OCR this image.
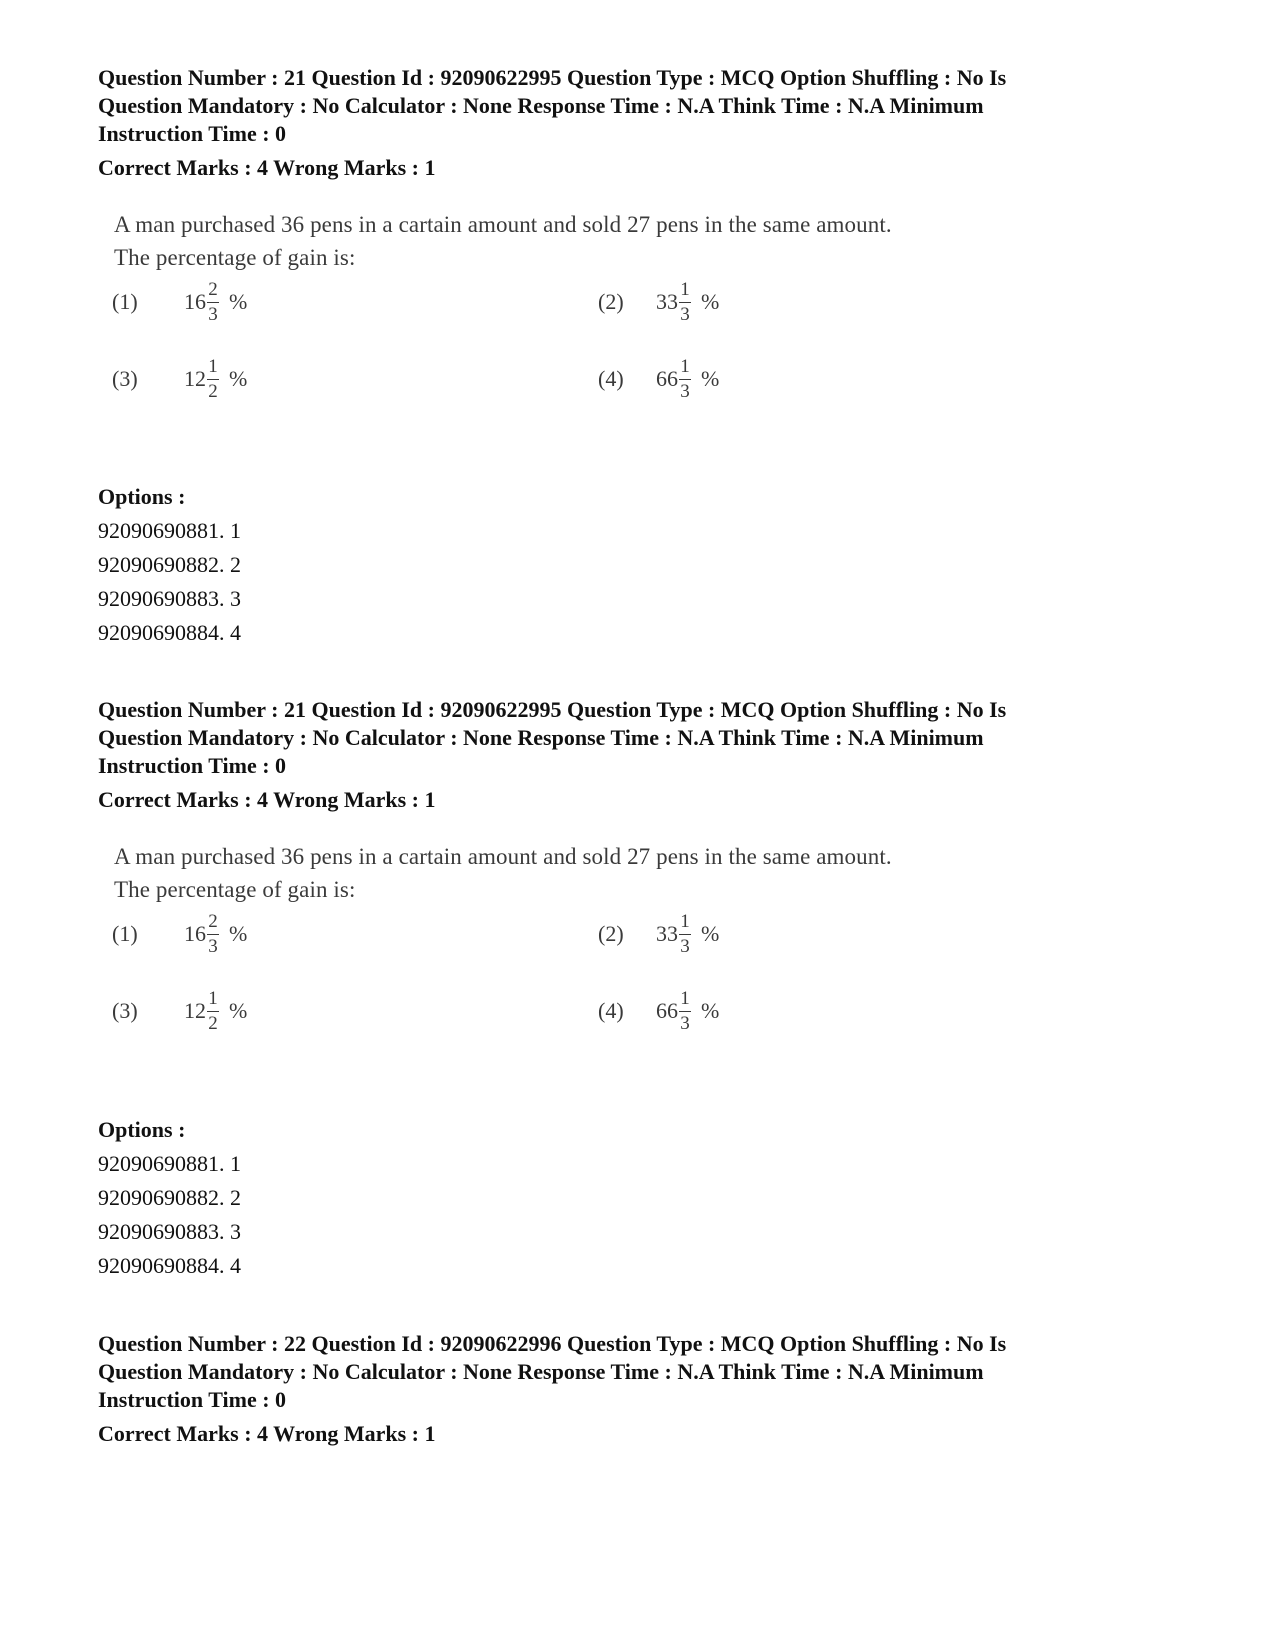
Question Number : 21 Question Id : 92090622995 Question Type : MCQ Option Shuffling : No Is

Question Mandatory : No Calculator : None Response Time : N.A Think Time : N.A Minimum

Instruction Time : 0

Correct Marks : 4 Wrong Marks : 1

A man purchased 36 pens in a cartain amount and sold 27 pens in the same amount.
The percentage of gain is:
(1)	$16 \frac{2}{3}$ %	(2)	$33 \frac{1}{3}$ %
(3)	$12 \frac{1}{2}$ %	(4)	$66 \frac{1}{3}$ %
Options :
92090690881. 1
92090690882. 2
92090690883. 3
92090690884. 4

Question Number : 21 Question Id : 92090622995 Question Type : MCQ Option Shuffling : No Is

Question Mandatory : No Calculator : None Response Time : N.A Think Time : N.A Minimum

Instruction Time : 0

Correct Marks : 4 Wrong Marks : 1

A man purchased 36 pens in a cartain amount and sold 27 pens in the same amount.
The percentage of gain is:
(1)	$16 \frac{2}{3}$ %	(2)	$33 \frac{1}{3}$ %
(3)	$12 \frac{1}{2}$ %	(4)	$66 \frac{1}{3}$ %
Options :
92090690881. 1
92090690882. 2
92090690883. 3
92090690884. 4

Question Number : 22 Question Id : 92090622996 Question Type : MCQ Option Shuffling : No Is

Question Mandatory : No Calculator : None Response Time : N.A Think Time : N.A Minimum

Instruction Time : 0

Correct Marks : 4 Wrong Marks : 1
